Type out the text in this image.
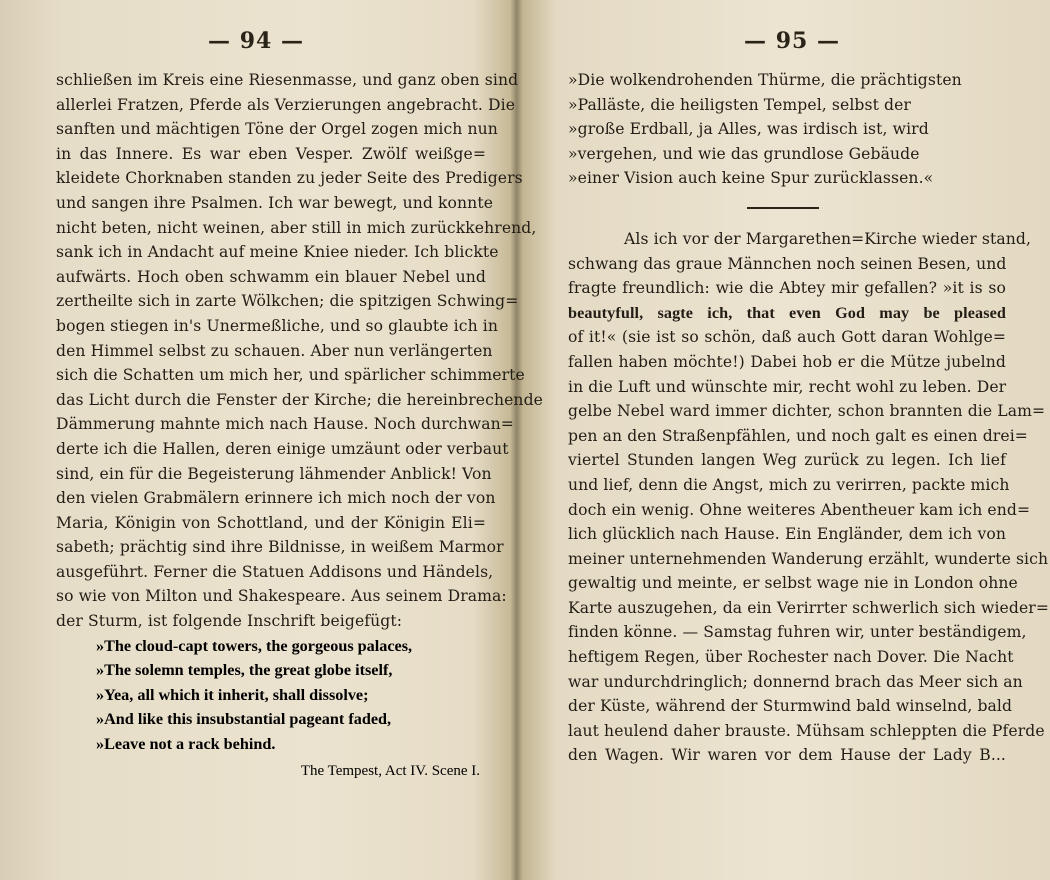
— 94 —
schließen im Kreis eine Riesenmasse, und ganz oben sind
allerlei Fratzen, Pferde als Verzierungen angebracht. Die
sanften und mächtigen Töne der Orgel zogen mich nun
in das Innere. Es war eben Vesper. Zwölf weißge=
kleidete Chorknaben standen zu jeder Seite des Predigers
und sangen ihre Psalmen. Ich war bewegt, und konnte
nicht beten, nicht weinen, aber still in mich zurückkehrend,
sank ich in Andacht auf meine Kniee nieder. Ich blickte
aufwärts. Hoch oben schwamm ein blauer Nebel und
zertheilte sich in zarte Wölkchen; die spitzigen Schwing=
bogen stiegen in's Unermeßliche, und so glaubte ich in
den Himmel selbst zu schauen. Aber nun verlängerten
sich die Schatten um mich her, und spärlicher schimmerte
das Licht durch die Fenster der Kirche; die hereinbrechende
Dämmerung mahnte mich nach Hause. Noch durchwan=
derte ich die Hallen, deren einige umzäunt oder verbaut
sind, ein für die Begeisterung lähmender Anblick! Von
den vielen Grabmälern erinnere ich mich noch der von
Maria, Königin von Schottland, und der Königin Eli=
sabeth; prächtig sind ihre Bildnisse, in weißem Marmor
ausgeführt. Ferner die Statuen Addisons und Händels,
so wie von Milton und Shakespeare. Aus seinem Drama:
der Sturm, ist folgende Inschrift beigefügt:
»The cloud-capt towers, the gorgeous palaces,
»The solemn temples, the great globe itself,
»Yea, all which it inherit, shall dissolve;
»And like this insubstantial pageant faded,
»Leave not a rack behind.
The Tempest, Act IV. Scene I.
— 95 —
»Die wolkendrohenden Thürme, die prächtigsten
»Palläste, die heiligsten Tempel, selbst der
»große Erdball, ja Alles, was irdisch ist, wird
»vergehen, und wie das grundlose Gebäude
»einer Vision auch keine Spur zurücklassen.«
Als ich vor der Margarethen=Kirche wieder stand,
schwang das graue Männchen noch seinen Besen, und
fragte freundlich: wie die Abtey mir gefallen? »it is so
beautyfull, sagte ich, that even God may be pleased
of it!« (sie ist so schön, daß auch Gott daran Wohlge=
fallen haben möchte!) Dabei hob er die Mütze jubelnd
in die Luft und wünschte mir, recht wohl zu leben. Der
gelbe Nebel ward immer dichter, schon brannten die Lam=
pen an den Straßenpfählen, und noch galt es einen drei=
viertel Stunden langen Weg zurück zu legen. Ich lief
und lief, denn die Angst, mich zu verirren, packte mich
doch ein wenig. Ohne weiteres Abentheuer kam ich end=
lich glücklich nach Hause. Ein Engländer, dem ich von
meiner unternehmenden Wanderung erzählt, wunderte sich
gewaltig und meinte, er selbst wage nie in London ohne
Karte auszugehen, da ein Verirrter schwerlich sich wieder=
finden könne. — Samstag fuhren wir, unter beständigem,
heftigem Regen, über Rochester nach Dover. Die Nacht
war undurchdringlich; donnernd brach das Meer sich an
der Küste, während der Sturmwind bald winselnd, bald
laut heulend daher brauste. Mühsam schleppten die Pferde
den Wagen. Wir waren vor dem Hause der Lady B...
